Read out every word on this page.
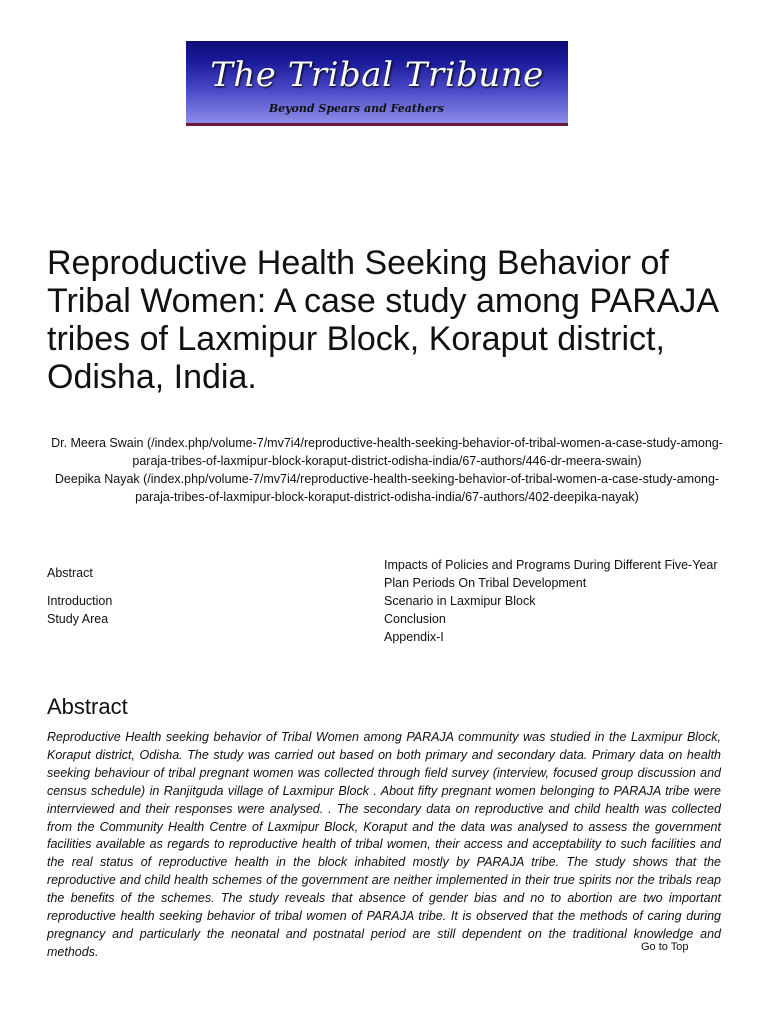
The Tribal Tribune
Beyond Spears and Feathers
Reproductive Health Seeking Behavior of Tribal Women: A case study among PARAJA tribes of Laxmipur Block, Koraput district, Odisha, India.
Dr. Meera Swain (/index.php/volume-7/mv7i4/reproductive-health-seeking-behavior-of-tribal-women-a-case-study-among-paraja-tribes-of-laxmipur-block-koraput-district-odisha-india/67-authors/446-dr-meera-swain)
Deepika Nayak (/index.php/volume-7/mv7i4/reproductive-health-seeking-behavior-of-tribal-women-a-case-study-among-paraja-tribes-of-laxmipur-block-koraput-district-odisha-india/67-authors/402-deepika-nayak)
Abstract
Introduction
Study Area
Impacts of Policies and Programs During Different Five-Year Plan Periods On Tribal Development
Scenario in Laxmipur Block
Conclusion
Appendix-I
Abstract

Reproductive Health seeking behavior of Tribal Women among PARAJA community was studied in the Laxmipur Block, Koraput district, Odisha. The study was carried out based on both primary and secondary data. Primary data on health seeking behaviour of tribal pregnant women was collected through field survey (interview, focused group discussion and census schedule) in Ranjitguda village of Laxmipur Block . About fifty pregnant women belonging to PARAJA tribe were interrviewed and their responses were analysed. . The secondary data on reproductive and child health was collected from the Community Health Centre of Laxmipur Block, Koraput and the data was analysed to assess the government facilities available as regards to reproductive health of tribal women, their access and acceptability to such facilities and the real status of reproductive health in the block inhabited mostly by PARAJA tribe. The study shows that the reproductive and child health schemes of the government are neither implemented in their true spirits nor the tribals reap the benefits of the schemes. The study reveals that absence of gender bias and no to abortion are two important reproductive health seeking behavior of tribal women of PARAJA tribe. It is observed that the methods of caring during pregnancy and particularly the neonatal and postnatal period are still dependent on the traditional knowledge and methods.	Go to Top
